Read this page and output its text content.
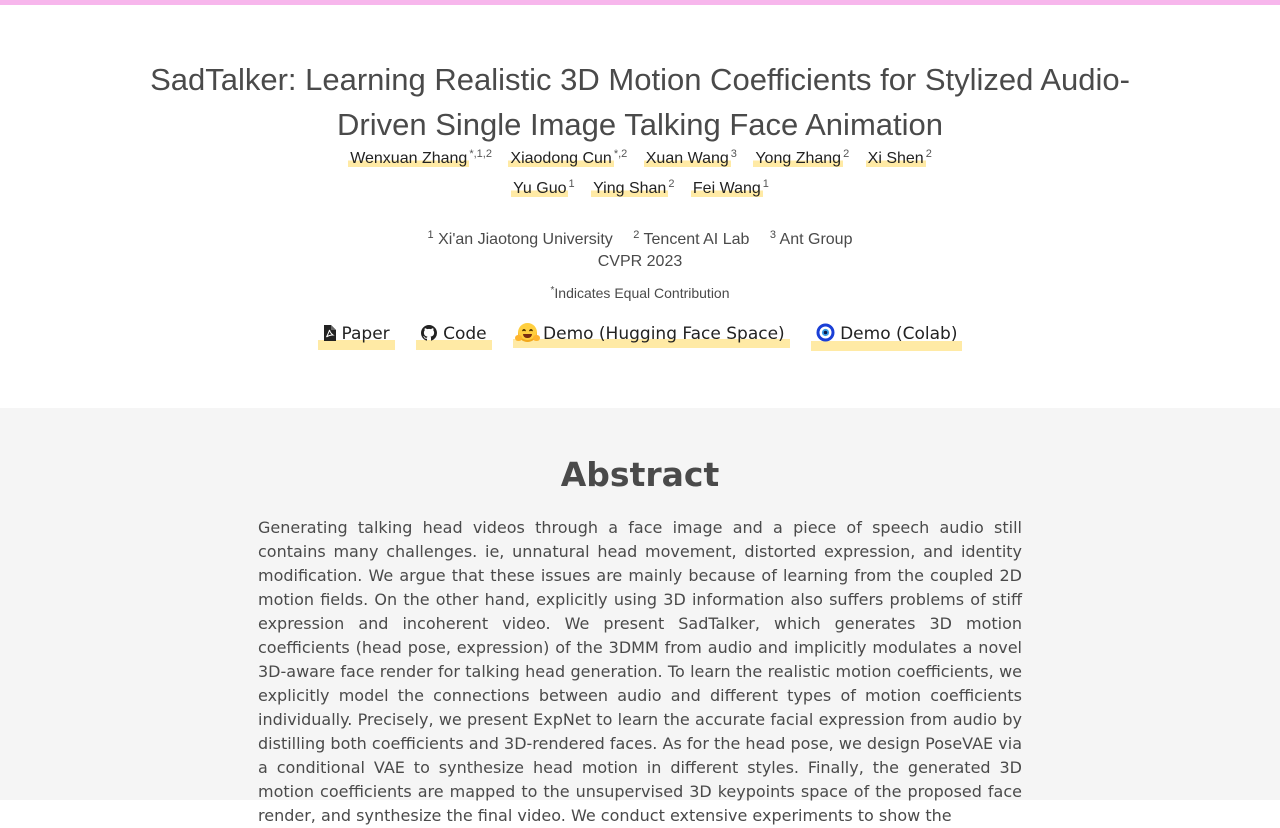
SadTalker: Learning Realistic 3D Motion Coefficients for Stylized Audio-Driven Single Image Talking Face Animation
Wenxuan Zhang $^{*,1,2}$ Xiaodong Cun $^{*,2}$ Xuan Wang $^3$ Yong Zhang $^2$ Xi Shen $^2$
Yu Guo $^1$ Ying Shan $^2$ Fei Wang $^1$
$^1$ Xi'an Jiaotong University $^2$ Tencent AI Lab $^3$ Ant Group
CVPR 2023
*Indicates Equal Contribution
Paper	Code	Demo (Hugging Face Space)	Demo (Colab)
Abstract

Generating talking head videos through a face image and a piece of speech audio still contains many challenges. ie, unnatural head movement, distorted expression, and identity modification. We argue that these issues are mainly because of learning from the coupled 2D motion fields. On the other hand, explicitly using 3D information also suffers problems of stiff expression and incoherent video. We present SadTalker, which generates 3D motion coefficients (head pose, expression) of the 3DMM from audio and implicitly modulates a novel 3D-aware face render for talking head generation. To learn the realistic motion coefficients, we explicitly model the connections between audio and different types of motion coefficients individually. Precisely, we present ExpNet to learn the accurate facial expression from audio by distilling both coefficients and 3D-rendered faces. As for the head pose, we design PoseVAE via a conditional VAE to synthesize head motion in different styles. Finally, the generated 3D motion coefficients are mapped to the unsupervised 3D keypoints space of the proposed face render, and synthesize the final video. We conduct extensive experiments to show the
